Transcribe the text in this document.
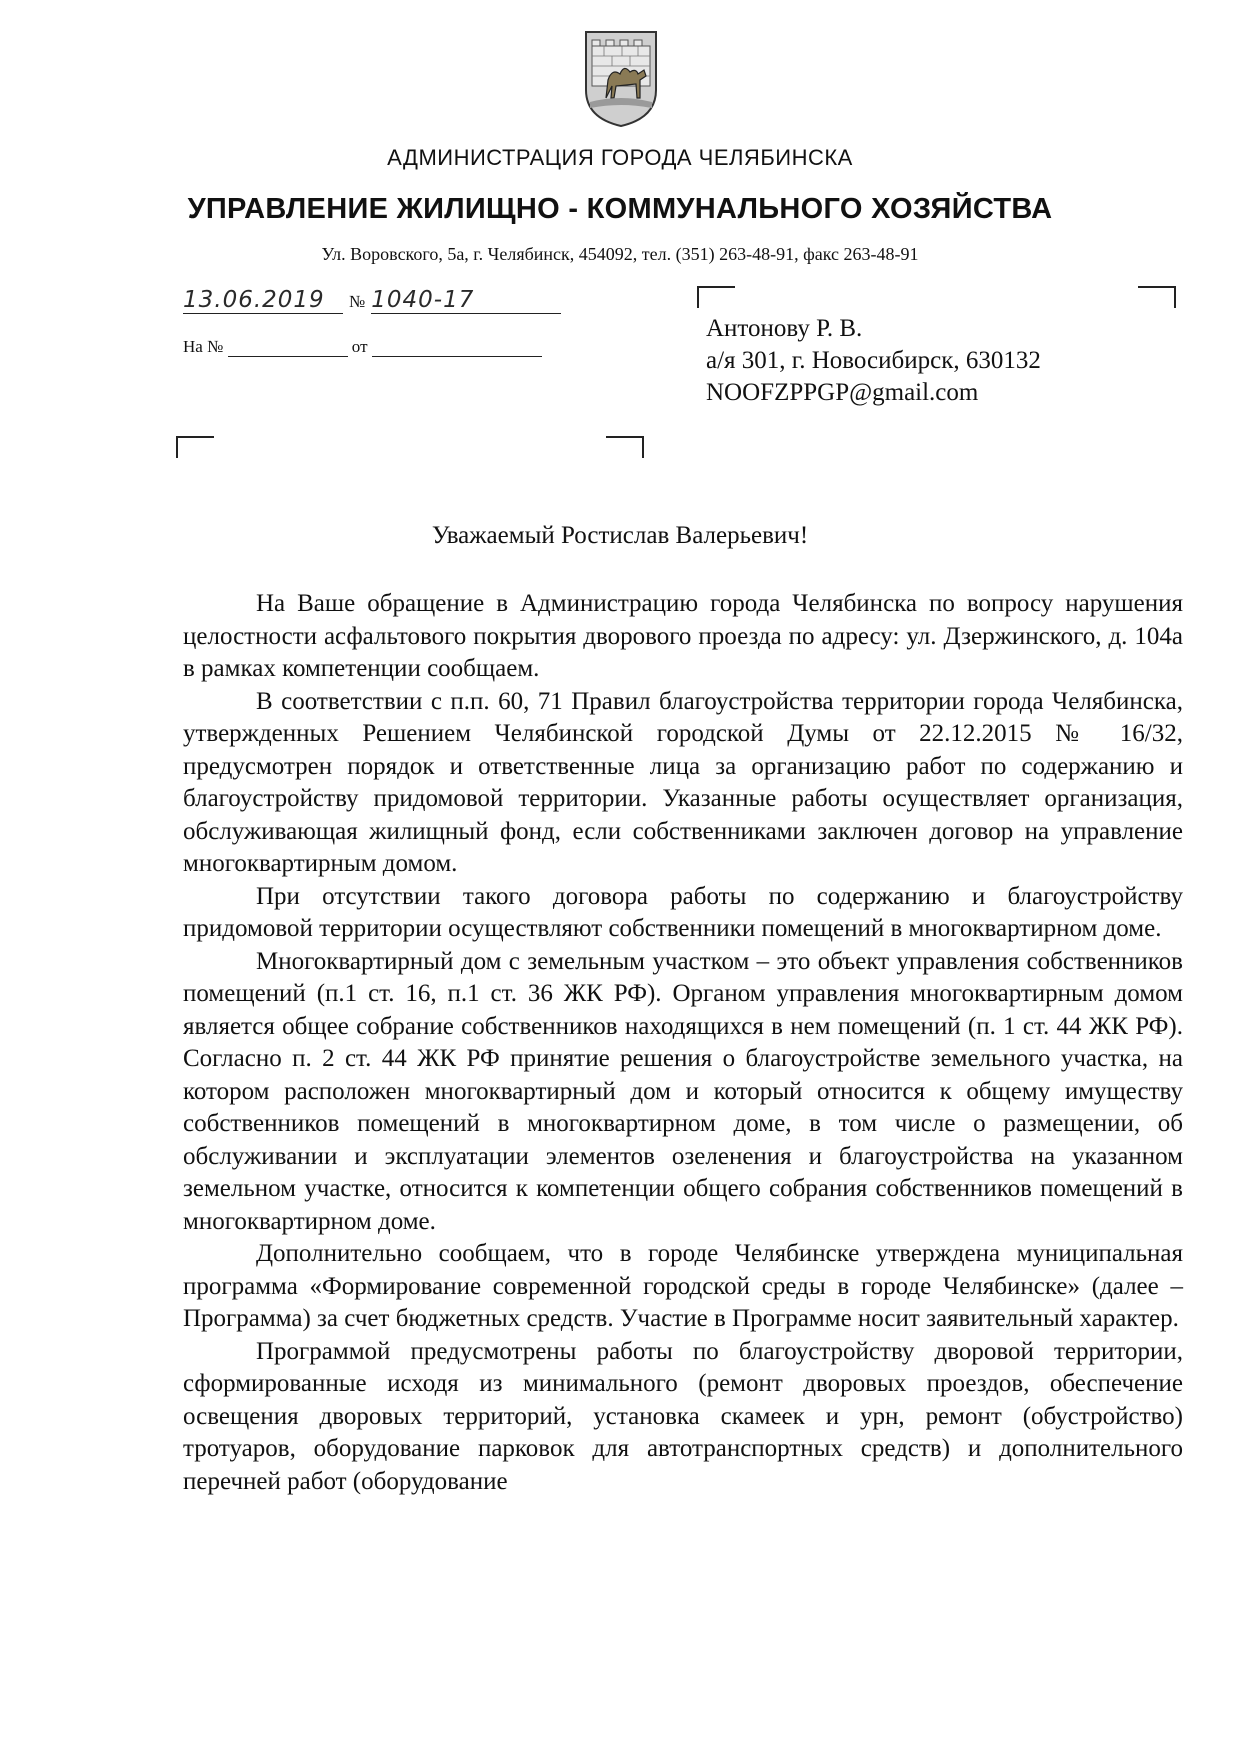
АДМИНИСТРАЦИЯ ГОРОДА ЧЕЛЯБИНСКА
УПРАВЛЕНИЕ ЖИЛИЩНО - КОММУНАЛЬНОГО ХОЗЯЙСТВА
Ул. Воровского, 5а, г. Челябинск, 454092, тел. (351) 263-48-91, факс 263-48-91
13.06.2019 № 1040-17
На №	от
Антонову Р. В.
а/я 301, г. Новосибирск, 630132
NOOFZPPGP@gmail.com
Уважаемый Ростислав Валерьевич!

На Ваше обращение в Администрацию города Челябинска по вопросу нарушения целостности асфальтового покрытия дворового проезда по адресу: ул. Дзержинского, д. 104а в рамках компетенции сообщаем.

В соответствии с п.п. 60, 71 Правил благоустройства территории города Челябинска, утвержденных Решением Челябинской городской Думы от 22.12.2015 № 16/32, предусмотрен порядок и ответственные лица за организацию работ по содержанию и благоустройству придомовой территории. Указанные работы осуществляет организация, обслуживающая жилищный фонд, если собственниками заключен договор на управление многоквартирным домом.

При отсутствии такого договора работы по содержанию и благоустройству придомовой территории осуществляют собственники помещений в многоквартирном доме.

Многоквартирный дом с земельным участком – это объект управления собственников помещений (п.1 ст. 16, п.1 ст. 36 ЖК РФ). Органом управления многоквартирным домом является общее собрание собственников находящихся в нем помещений (п. 1 ст. 44 ЖК РФ). Согласно п. 2 ст. 44 ЖК РФ принятие решения о благоустройстве земельного участка, на котором расположен многоквартирный дом и который относится к общему имуществу собственников помещений в многоквартирном доме, в том числе о размещении, об обслуживании и эксплуатации элементов озеленения и благоустройства на указанном земельном участке, относится к компетенции общего собрания собственников помещений в многоквартирном доме.

Дополнительно сообщаем, что в городе Челябинске утверждена муниципальная программа «Формирование современной городской среды в городе Челябинске» (далее – Программа) за счет бюджетных средств. Участие в Программе носит заявительный характер.

Программой предусмотрены работы по благоустройству дворовой территории, сформированные исходя из минимального (ремонт дворовых проездов, обеспечение освещения дворовых территорий, установка скамеек и урн, ремонт (обустройство) тротуаров, оборудование парковок для автотранспортных средств) и дополнительного перечней работ (оборудование
